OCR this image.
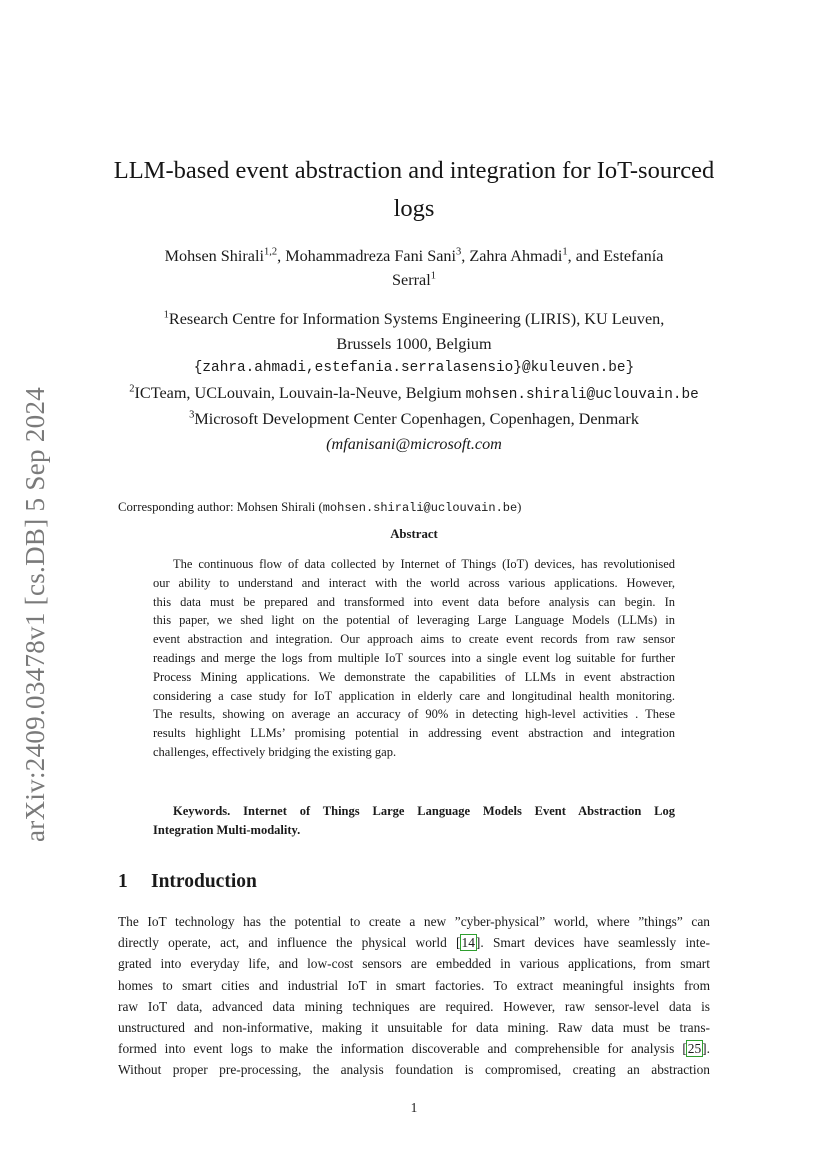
arXiv:2409.03478v1 [cs.DB] 5 Sep 2024
LLM-based event abstraction and integration for IoT-sourced
logs
Mohsen Shirali$^{1,2}$, Mohammadreza Fani Sani$^3$, Zahra Ahmadi$^1$, and Estefanía
Serral$^1$
$^1$Research Centre for Information Systems Engineering (LIRIS), KU Leuven,
Brussels 1000, Belgium
{zahra.ahmadi,estefania.serralasensio}@kuleuven.be}
$^2$ICTeam, UCLouvain, Louvain-la-Neuve, Belgium mohsen.shirali@uclouvain.be
$^3$Microsoft Development Center Copenhagen, Copenhagen, Denmark
(mfanisani@microsoft.com
Corresponding author: Mohsen Shirali (mohsen.shirali@uclouvain.be)
Abstract
The continuous flow of data collected by Internet of Things (IoT) devices, has revolutionised
our ability to understand and interact with the world across various applications. However,
this data must be prepared and transformed into event data before analysis can begin. In
this paper, we shed light on the potential of leveraging Large Language Models (LLMs) in
event abstraction and integration. Our approach aims to create event records from raw sensor
readings and merge the logs from multiple IoT sources into a single event log suitable for further
Process Mining applications. We demonstrate the capabilities of LLMs in event abstraction
considering a case study for IoT application in elderly care and longitudinal health monitoring.
The results, showing on average an accuracy of 90% in detecting high-level activities . These
results highlight LLMs’ promising potential in addressing event abstraction and integration
challenges, effectively bridging the existing gap.
Keywords. Internet of Things Large Language Models Event Abstraction Log
Integration Multi-modality.
1 Introduction
The IoT technology has the potential to create a new ”cyber-physical” world, where ”things” can
directly operate, act, and influence the physical world [14]. Smart devices have seamlessly inte-
grated into everyday life, and low-cost sensors are embedded in various applications, from smart
homes to smart cities and industrial IoT in smart factories. To extract meaningful insights from
raw IoT data, advanced data mining techniques are required. However, raw sensor-level data is
unstructured and non-informative, making it unsuitable for data mining. Raw data must be trans-
formed into event logs to make the information discoverable and comprehensible for analysis [25].
Without proper pre-processing, the analysis foundation is compromised, creating an abstraction
1
